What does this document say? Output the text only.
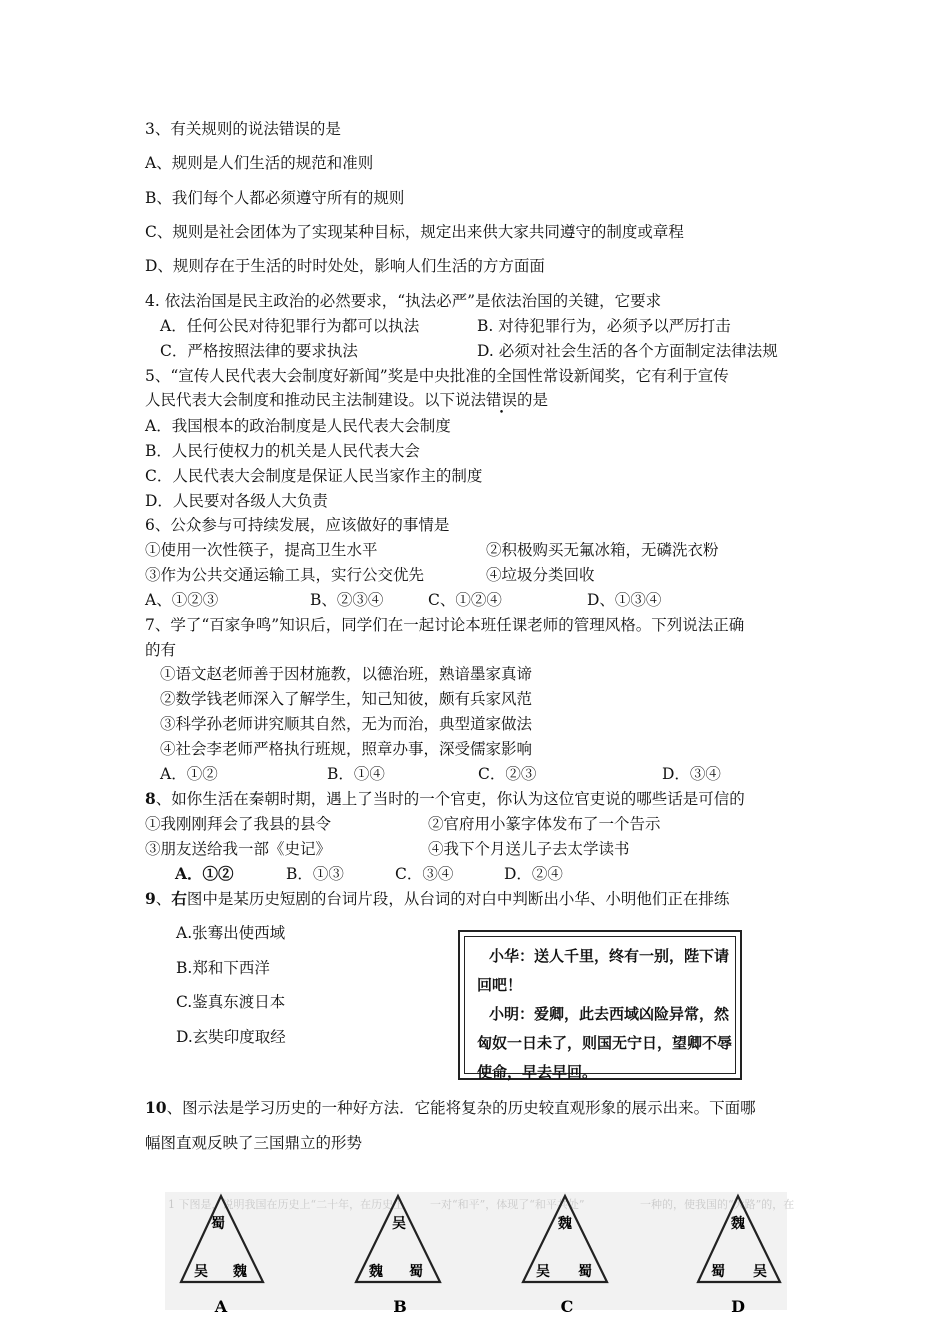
3、有关规则的说法错误的是
A、规则是人们生活的规范和准则
B、我们每个人都必须遵守所有的规则
C、规则是社会团体为了实现某种目标，规定出来供大家共同遵守的制度或章程
D、规则存在于生活的时时处处，影响人们生活的方方面面
4. 依法治国是民主政治的必然要求，“执法必严”是依法治国的关键，它要求
A．任何公民对待犯罪行为都可以执法	B. 对待犯罪行为，必须予以严厉打击
C．严格按照法律的要求执法	D. 必须对社会生活的各个方面制定法律法规
5、“宣传人民代表大会制度好新闻”奖是中央批准的全国性常设新闻奖，它有利于宣传
人民代表大会制度和推动民主法制建设。以下说法错误的是
A．我国根本的政治制度是人民代表大会制度
B．人民行使权力的机关是人民代表大会
C．人民代表大会制度是保证人民当家作主的制度
D．人民要对各级人大负责
6、公众参与可持续发展，应该做好的事情是
①使用一次性筷子，提高卫生水平	②积极购买无氟冰箱，无磷洗衣粉
③作为公共交通运输工具，实行公交优先	④垃圾分类回收
A、①②③	B、②③④	C、①②④	D、①③④
7、学了“百家争鸣”知识后，同学们在一起讨论本班任课老师的管理风格。下列说法正确
的有
①语文赵老师善于因材施教，以德治班，熟谙墨家真谛
②数学钱老师深入了解学生，知己知彼，颇有兵家风范
③科学孙老师讲究顺其自然，无为而治，典型道家做法
④社会李老师严格执行班规，照章办事，深受儒家影响
A．①②	B．①④	C．②③	D．③④
8、如你生活在秦朝时期，遇上了当时的一个官吏，你认为这位官吏说的哪些话是可信的
①我刚刚拜会了我县的县令	②官府用小篆字体发布了一个告示
③朋友送给我一部《史记》	④我下个月送儿子去太学读书
A．①②	B．①③	C．③④	D．②④
9、右图中是某历史短剧的台词片段，从台词的对白中判断出小华、小明他们正在排练
A.张骞出使西域
B.郑和下西洋
C.鉴真东渡日本
D.玄奘印度取经
小华：送人千里，终有一别，陛下请
回吧！
小明：爱卿，此去西域凶险异常，然
匈奴一日未了，则国无宁日，望卿不辱
使命，早去早回。
10、图示法是学习历史的一种好方法．它能将复杂的历史较直观形象的展示出来。下面哪
幅图直观反映了三国鼎立的形势
1 下图是，说明我国在历史上“二十年，在历史上 一对“和平”，体现了“和平共处”	一种的，使我国的“大路”的，在
蜀
吴 魏
A
吴
魏 蜀
B
魏
吴 蜀
C
魏
蜀 吴
D
